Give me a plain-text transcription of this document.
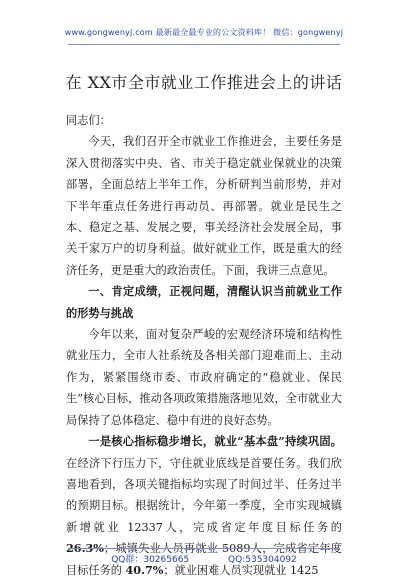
www.gongwenyj.com 最新最全最专业的公文资料库！ 微信：gongwenyj
在 XX市全市就业工作推进会上的讲话

同志们：

今天，我们召开全市就业工作推进会，主要任务是深入贯彻落实中央、省、市关于稳定就业保就业的决策部署，全面总结上半年工作，分析研判当前形势，并对下半年重点任务进行再动员、再部署。就业是民生之本、稳定之基、发展之要，事关经济社会发展全局，事关千家万户的切身利益。做好就业工作，既是重大的经济任务，更是重大的政治责任。下面，我讲三点意见。

一、肯定成绩，正视问题，清醒认识当前就业工作的形势与挑战

今年以来，面对复杂严峻的宏观经济环境和结构性就业压力，全市人社系统及各相关部门迎难而上、主动作为，紧紧围绕市委、市政府确定的“稳就业、保民生”核心目标，推动各项政策措施落地见效，全市就业大局保持了总体稳定、稳中有进的良好态势。

一是核心指标稳步增长，就业“基本盘”持续巩固。在经济下行压力下，守住就业底线是首要任务。我们欣喜地看到，各项关键指标均实现了时间过半、任务过半的预期目标。根据统计，今年第一季度，全市实现城镇新增就业 12337人，完成省定年度目标任务的 26.3%；城镇失业人员再就业 5089人，完成省定年度目标任务的 40.7%；就业困难人员实现就业 1425

QQ群：30265665	QQ:535304092
